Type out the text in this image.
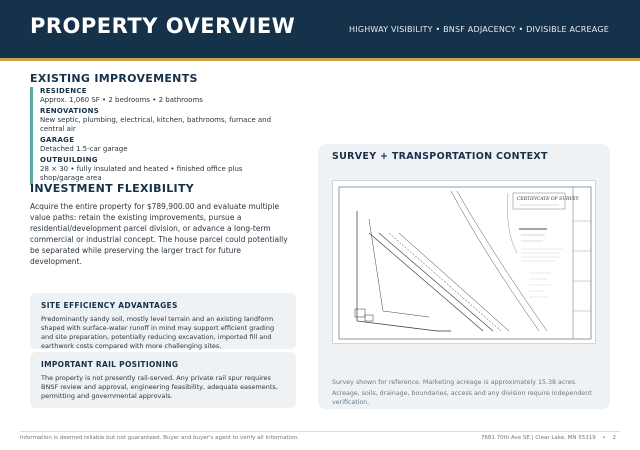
PROPERTY OVERVIEW	HIGHWAY VISIBILITY • BNSF ADJACENCY • DIVISIBLE ACREAGE
EXISTING IMPROVEMENTS
RESIDENCE
Approx. 1,060 SF • 2 bedrooms • 2 bathrooms
RENOVATIONS
New septic, plumbing, electrical, kitchen, bathrooms, furnace and central air
GARAGE
Detached 1.5-car garage
OUTBUILDING
28 × 30 • fully insulated and heated • finished office plus shop/garage area
INVESTMENT FLEXIBILITY
Acquire the entire property for $789,900.00 and evaluate multiple value paths: retain the existing improvements, pursue a residential/development parcel division, or advance a long-term commercial or industrial concept. The house parcel could potentially be separated while preserving the larger tract for future development.
SITE EFFICIENCY ADVANTAGES
Predominantly sandy soil, mostly level terrain and an existing landform shaped with surface-water runoff in mind may support efficient grading and site preparation, potentially reducing excavation, imported fill and earthwork costs compared with more challenging sites.
IMPORTANT RAIL POSITIONING
The property is not presently rail-served. Any private rail spur requires BNSF review and approval, engineering feasibility, adequate easements, permitting and governmental approvals.
SURVEY + TRANSPORTATION CONTEXT
CERTIFICATE OF SURVEY
Survey shown for reference. Marketing acreage is approximately 15.38 acres.
Acreage, soils, drainage, boundaries, access and any division require independent verification.
Information is deemed reliable but not guaranteed. Buyer and buyer's agent to verify all information.	7681 70th Ave SE | Clear Lake, MN 55319 • 2
